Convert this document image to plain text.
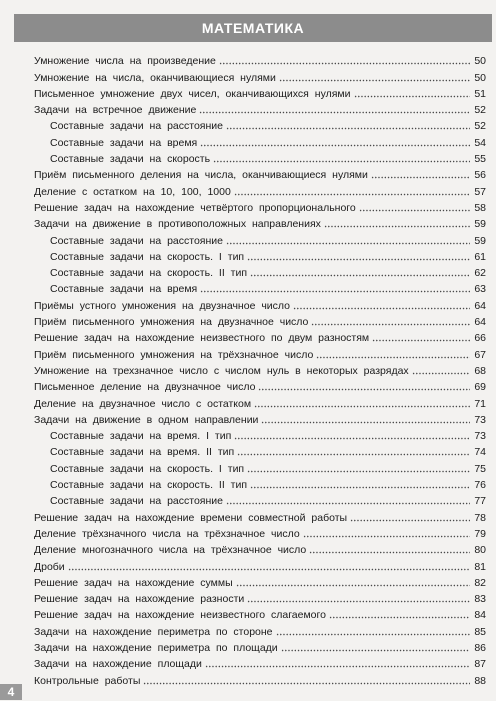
МАТЕМАТИКА
Умножение числа на произведение	50
Умножение на числа, оканчивающиеся нулями	50
Письменное умножение двух чисел, оканчивающихся нулями	51
Задачи на встречное движение	52
Составные задачи на расстояние	52
Составные задачи на время	54
Составные задачи на скорость	55
Приём письменного деления на числа, оканчивающиеся нулями	56
Деление с остатком на 10, 100, 1000	57
Решение задач на нахождение четвёртого пропорционального	58
Задачи на движение в противоположных направлениях	59
Составные задачи на расстояние	59
Составные задачи на скорость. I тип	61
Составные задачи на скорость. II тип	62
Составные задачи на время	63
Приёмы устного умножения на двузначное число	64
Приём письменного умножения на двузначное число	64
Решение задач на нахождение неизвестного по двум разностям	66
Приём письменного умножения на трёхзначное число	67
Умножение на трехзначное число с числом нуль в некоторых разрядах	68
Письменное деление на двузначное число	69
Деление на двузначное число с остатком	71
Задачи на движение в одном направлении	73
Составные задачи на время. I тип	73
Составные задачи на время. II тип	74
Составные задачи на скорость. I тип	75
Составные задачи на скорость. II тип	76
Составные задачи на расстояние	77
Решение задач на нахождение времени совместной работы	78
Деление трёхзначного числа на трёхзначное число	79
Деление многозначного числа на трёхзначное число	80
Дроби	81
Решение задач на нахождение суммы	82
Решение задач на нахождение разности	83
Решение задач на нахождение неизвестного слагаемого	84
Задачи на нахождение периметра по стороне	85
Задачи на нахождение периметра по площади	86
Задачи на нахождение площади	87
Контрольные работы	88
4
